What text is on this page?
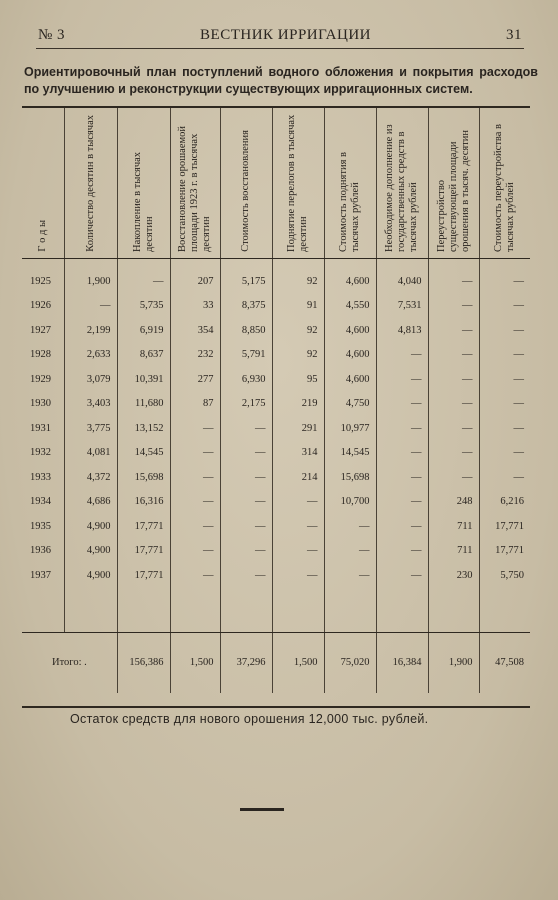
№ 3	ВЕСТНИК ИРРИГАЦИИ	31
Ориентировочный план поступлений водного обложения и покрытия расходов по улучшению и реконструкции существующих ирригационных систем.
Г о д ы	Количество десятин в тысячах	Накопление в тысячах десятин	Восстановление орошаемой площади 1923 г. в тысячах десятин	Стоимость восстановления	Поднятие перелогов в тысячах десятин	Стоимость поднятия в тысячах рублей	Необходимое дополнение из государственных средств в тысячах рублей	Переустройство существующей площади орошения в тысяч. десятин	Стоимость переустройства в тысячах рублей

1925	1,900	—	207	5,175	92	4,600	4,040	—	—
1926	—	5,735	33	8,375	91	4,550	7,531	—	—
1927	2,199	6,919	354	8,850	92	4,600	4,813	—	—
1928	2,633	8,637	232	5,791	92	4,600	—	—	—
1929	3,079	10,391	277	6,930	95	4,600	—	—	—
1930	3,403	11,680	87	2,175	219	4,750	—	—	—
1931	3,775	13,152	—	—	291	10,977	—	—	—
1932	4,081	14,545	—	—	314	14,545	—	—	—
1933	4,372	15,698	—	—	214	15,698	—	—	—
1934	4,686	16,316	—	—	—	10,700	—	248	6,216
1935	4,900	17,771	—	—	—	—	—	711	17,771
1936	4,900	17,771	—	—	—	—	—	711	17,771
1937	4,900	17,771	—	—	—	—	—	230	5,750

Итого: .		156,386	1,500	37,296	1,500	75,020	16,384	1,900	47,508
Остаток средств для нового орошения 12,000 тыс. рублей.
